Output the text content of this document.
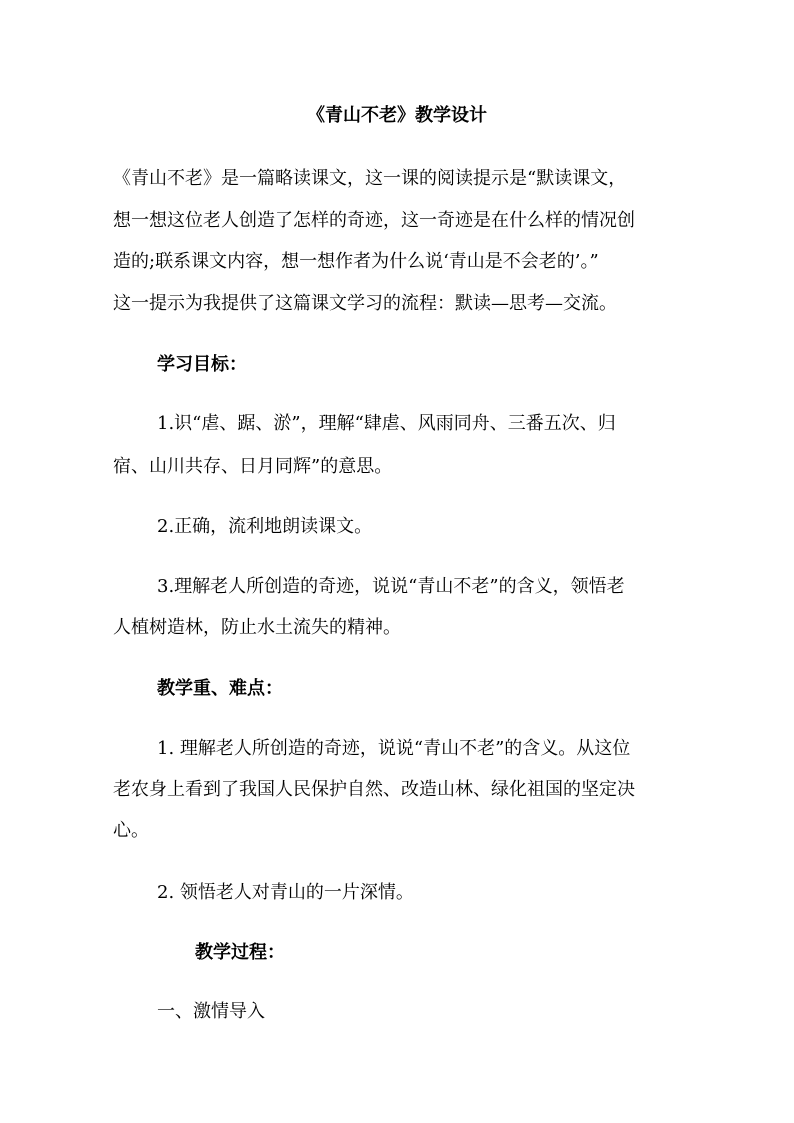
《青山不老》教学设计

《青山不老》是一篇略读课文，这一课的阅读提示是“默读课文，

想一想这位老人创造了怎样的奇迹，这一奇迹是在什么样的情况创

造的;联系课文内容，想一想作者为什么说‘青山是不会老的’。”

这一提示为我提供了这篇课文学习的流程：默读—思考—交流。

学习目标：

1.识“虐、踞、淤”，理解“肆虐、风雨同舟、三番五次、归

宿、山川共存、日月同辉”的意思。

2.正确，流利地朗读课文。

3.理解老人所创造的奇迹，说说“青山不老”的含义，领悟老

人植树造林，防止水土流失的精神。

教学重、难点：

1. 理解老人所创造的奇迹，说说“青山不老”的含义。从这位

老农身上看到了我国人民保护自然、改造山林、绿化祖国的坚定决

心。

2. 领悟老人对青山的一片深情。

教学过程：

一、激情导入
